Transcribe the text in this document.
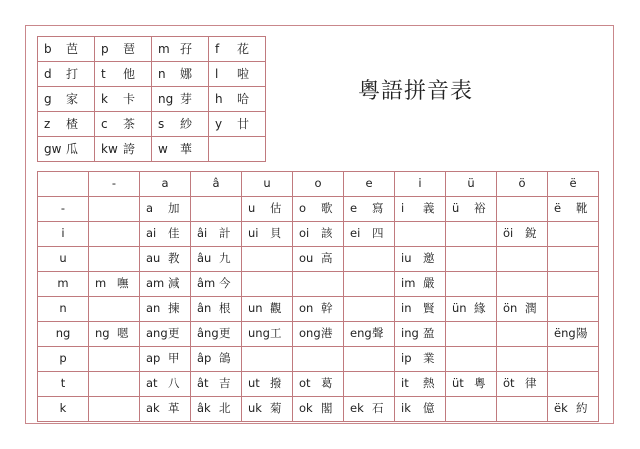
b 芭	p 琶	m 孖	f 花
d 打	t 他	n 娜	l 啦
g 家	k 卡	ng 芽	h 哈
z 楂	c 茶	s 紗	y 廿
gw 瓜	kw 誇	w 華	
粵語拼音表
	-	a	â	u	o	e	i	ü	ö	ë
-		a 加		u 估	o 歌	e 寫	i 義	ü 裕		ë 靴
i		ai 佳	âi 計	ui 貝	oi 該	ei 四			öi 銳	
u		au 教	âu 九		ou 高		iu 邀			
m	m 嘸	am 減	âm 今				im 嚴			
n		an 揀	ân 根	un 觀	on 幹		in 賢	ün 緣	ön 潤	
ng	ng 嗯	ang更	âng更	ung工	ong港	eng聲	ing 盈			ëng陽
p		ap 甲	âp 鴿				ip 業			
t		at 八	ât 吉	ut 撥	ot 葛		it 熱	üt 粵	öt 律	
k		ak 革	âk 北	uk 菊	ok 閣	ek 石	ik 億			ëk 約
